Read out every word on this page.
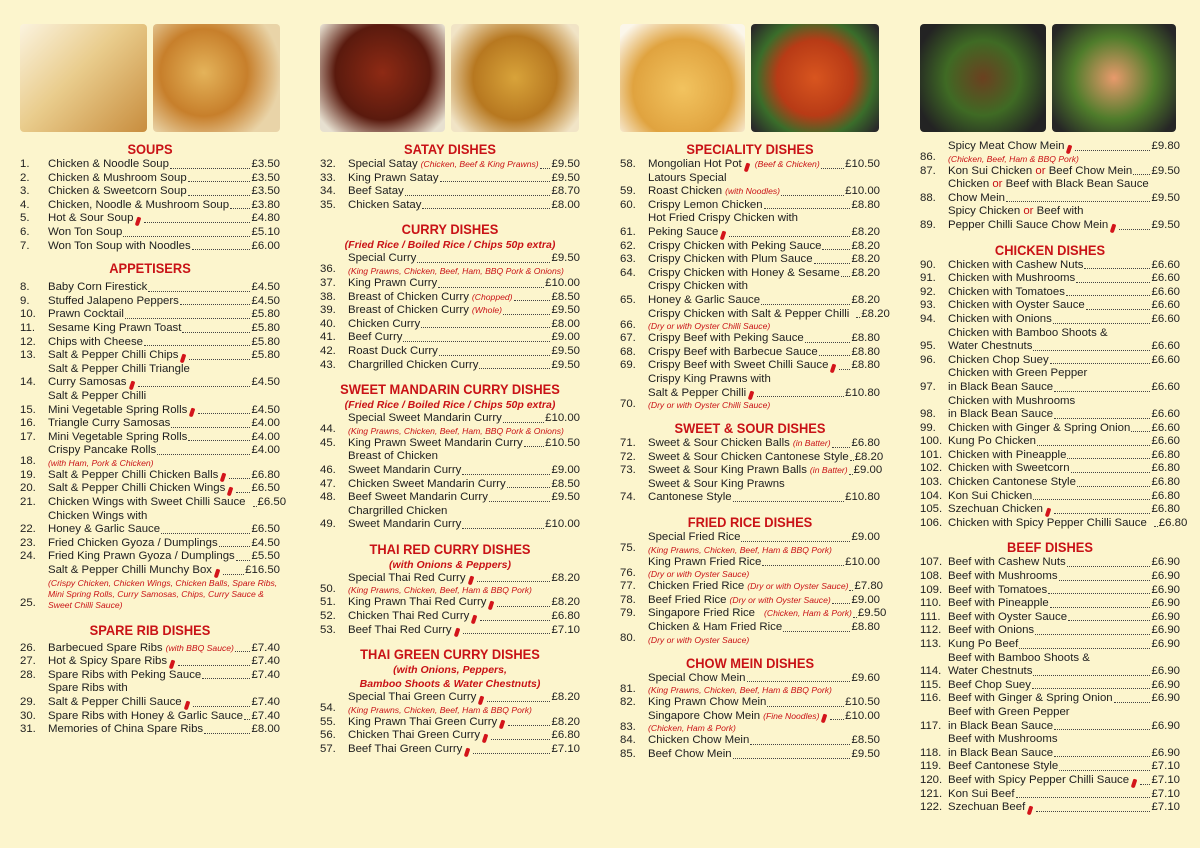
SOUPS
1.	Chicken & Noodle Soup	£3.50
2.	Chicken & Mushroom Soup	£3.50
3.	Chicken & Sweetcorn Soup	£3.50
4.	Chicken, Noodle & Mushroom Soup £3.80
5.	Hot & Sour Soup	£4.80
6.	Won Ton Soup	£5.10
7.	Won Ton Soup with Noodles	£6.00
APPETISERS
8.	Baby Corn Firestick	£4.50
9.	Stuffed Jalapeno Peppers	£4.50
10.	Prawn Cocktail	£5.80
11.	Sesame King Prawn Toast	£5.80
12.	Chips with Cheese	£5.80
13.	Salt & Pepper Chilli Chips	£5.80
14.
Salt & Pepper Chilli Triangle
Curry Samosas	£4.50
15.
Salt & Pepper Chilli
Mini Vegetable Spring Rolls	£4.50
16.	Triangle Curry Samosas	£4.00
17.	Mini Vegetable Spring Rolls	£4.00
18.
Crispy Pancake Rolls	£4.00
(with Ham, Pork & Chicken)
19.	Salt & Pepper Chilli Chicken Balls	£6.80
20.	Salt & Pepper Chilli Chicken Wings £6.50
21.	Chicken Wings with Sweet Chilli Sauce £6.50
22.
Chicken Wings with
Honey & Garlic Sauce	£6.50
23.	Fried Chicken Gyoza / Dumplings	£4.50
24.	Fried King Prawn Gyoza / Dumplings £5.50
25.
Salt & Pepper Chilli Munchy Box	£16.50
(Crispy Chicken, Chicken Wings, Chicken Balls, Spare Ribs, Mini Spring Rolls, Curry Samosas, Chips, Curry Sauce & Sweet Chilli Sauce)
SPARE RIB DISHES
26.	Barbecued Spare Ribs (with BBQ Sauce) £7.40
27.	Hot & Spicy Spare Ribs	£7.40
28.	Spare Ribs with Peking Sauce	£7.40
29.
Spare Ribs with
Salt & Pepper Chilli Sauce	£7.40
30.	Spare Ribs with Honey & Garlic Sauce £7.40
31.	Memories of China Spare Ribs	£8.00
SATAY DISHES
32.	Special Satay (Chicken, Beef & King Prawns) £9.50
33.	King Prawn Satay	£9.50
34.	Beef Satay	£8.70
35.	Chicken Satay	£8.00
CURRY DISHES
(Fried Rice / Boiled Rice / Chips 50p extra)
36.
Special Curry	£9.50
(King Prawns, Chicken, Beef, Ham, BBQ Pork & Onions)
37.	King Prawn Curry	£10.00
38.	Breast of Chicken Curry (Chopped)	£8.50
39.	Breast of Chicken Curry (Whole)	£9.50
40.	Chicken Curry	£8.00
41.	Beef Curry	£9.00
42.	Roast Duck Curry	£9.50
43.	Chargrilled Chicken Curry	£9.50
SWEET MANDARIN CURRY DISHES
(Fried Rice / Boiled Rice / Chips 50p extra)
44.
Special Sweet Mandarin Curry	£10.00
(King Prawns, Chicken, Beef, Ham, BBQ Pork & Onions)
45.	King Prawn Sweet Mandarin Curry £10.50
46.
Breast of Chicken
Sweet Mandarin Curry	£9.00
47.	Chicken Sweet Mandarin Curry	£8.50
48.	Beef Sweet Mandarin Curry	£9.50
49.
Chargrilled Chicken
Sweet Mandarin Curry	£10.00
THAI RED CURRY DISHES
(with Onions & Peppers)
50.
Special Thai Red Curry	£8.20
(King Prawns, Chicken, Beef, Ham & BBQ Pork)
51.	King Prawn Thai Red Curry	£8.20
52.	Chicken Thai Red Curry	£6.80
53.	Beef Thai Red Curry	£7.10
THAI GREEN CURRY DISHES
(with Onions, Peppers,
Bamboo Shoots & Water Chestnuts)
54.
Special Thai Green Curry	£8.20
(King Prawns, Chicken, Beef, Ham & BBQ Pork)
55.	King Prawn Thai Green Curry	£8.20
56.	Chicken Thai Green Curry	£6.80
57.	Beef Thai Green Curry	£7.10
SPECIALITY DISHES
58.	Mongolian Hot Pot (Beef & Chicken) £10.50
59.
Latours Special
Roast Chicken (with Noodles)	£10.00
60.	Crispy Lemon Chicken	£8.80
61.
Hot Fried Crispy Chicken with
Peking Sauce	£8.20
62.	Crispy Chicken with Peking Sauce	£8.20
63.	Crispy Chicken with Plum Sauce	£8.20
64.	Crispy Chicken with Honey & Sesame £8.20
65.
Crispy Chicken with
Honey & Garlic Sauce	£8.20
66.
Crispy Chicken with Salt & Pepper Chilli £8.20
(Dry or with Oyster Chilli Sauce)
67.	Crispy Beef with Peking Sauce	£8.80
68.	Crispy Beef with Barbecue Sauce	£8.80
69.	Crispy Beef with Sweet Chilli Sauce £8.80
70.
Crispy King Prawns with
Salt & Pepper Chilli	£10.80
(Dry or with Oyster Chilli Sauce)
SWEET & SOUR DISHES
71.	Sweet & Sour Chicken Balls (in Batter) £6.80
72.	Sweet & Sour Chicken Cantonese Style £8.20
73.	Sweet & Sour King Prawn Balls (in Batter) £9.00
74.
Sweet & Sour King Prawns
Cantonese Style	£10.80
FRIED RICE DISHES
75.
Special Fried Rice	£9.00
(King Prawns, Chicken, Beef, Ham & BBQ Pork)
76.
King Prawn Fried Rice	£10.00
(Dry or with Oyster Sauce)
77.	Chicken Fried Rice (Dry or with Oyster Sauce) £7.80
78.	Beef Fried Rice (Dry or with Oyster Sauce) £9.00
79.	Singapore Fried Rice (Chicken, Ham & Pork) £9.50
80.
Chicken & Ham Fried Rice	£8.80
(Dry or with Oyster Sauce)
CHOW MEIN DISHES
81.
Special Chow Mein	£9.60
(King Prawns, Chicken, Beef, Ham & BBQ Pork)
82.	King Prawn Chow Mein	£10.50
83.
Singapore Chow Mein (Fine Noodles) £10.00
(Chicken, Ham & Pork)
84.	Chicken Chow Mein	£8.50
85.	Beef Chow Mein	£9.50
86.
Spicy Meat Chow Mein	£9.80
(Chicken, Beef, Ham & BBQ Pork)
87.	Kon Sui Chicken or Beef Chow Mein £9.50
88.
Chicken or Beef with Black Bean Sauce
Chow Mein	£9.50
89.
Spicy Chicken or Beef with
Pepper Chilli Sauce Chow Mein	£9.50
CHICKEN DISHES
90.	Chicken with Cashew Nuts	£6.60
91.	Chicken with Mushrooms	£6.60
92.	Chicken with Tomatoes	£6.60
93.	Chicken with Oyster Sauce	£6.60
94.	Chicken with Onions	£6.60
95.
Chicken with Bamboo Shoots &
Water Chestnuts	£6.60
96.	Chicken Chop Suey	£6.60
97.
Chicken with Green Pepper
in Black Bean Sauce	£6.60
98.
Chicken with Mushrooms
in Black Bean Sauce	£6.60
99.	Chicken with Ginger & Spring Onion £6.60
100. Kung Po Chicken	£6.60
101. Chicken with Pineapple	£6.80
102. Chicken with Sweetcorn	£6.80
103. Chicken Cantonese Style	£6.80
104. Kon Sui Chicken	£6.80
105. Szechuan Chicken	£6.80
106. Chicken with Spicy Pepper Chilli Sauce £6.80
BEEF DISHES
107. Beef with Cashew Nuts	£6.90
108. Beef with Mushrooms	£6.90
109. Beef with Tomatoes	£6.90
110. Beef with Pineapple	£6.90
111. Beef with Oyster Sauce	£6.90
112. Beef with Onions	£6.90
113. Kung Po Beef	£6.90
114.
Beef with Bamboo Shoots &
Water Chestnuts	£6.90
115. Beef Chop Suey	£6.90
116. Beef with Ginger & Spring Onion	£6.90
117.
Beef with Green Pepper
in Black Bean Sauce	£6.90
118.
Beef with Mushrooms
in Black Bean Sauce	£6.90
119. Beef Cantonese Style	£7.10
120. Beef with Spicy Pepper Chilli Sauce £7.10
121. Kon Sui Beef	£7.10
122. Szechuan Beef	£7.10
